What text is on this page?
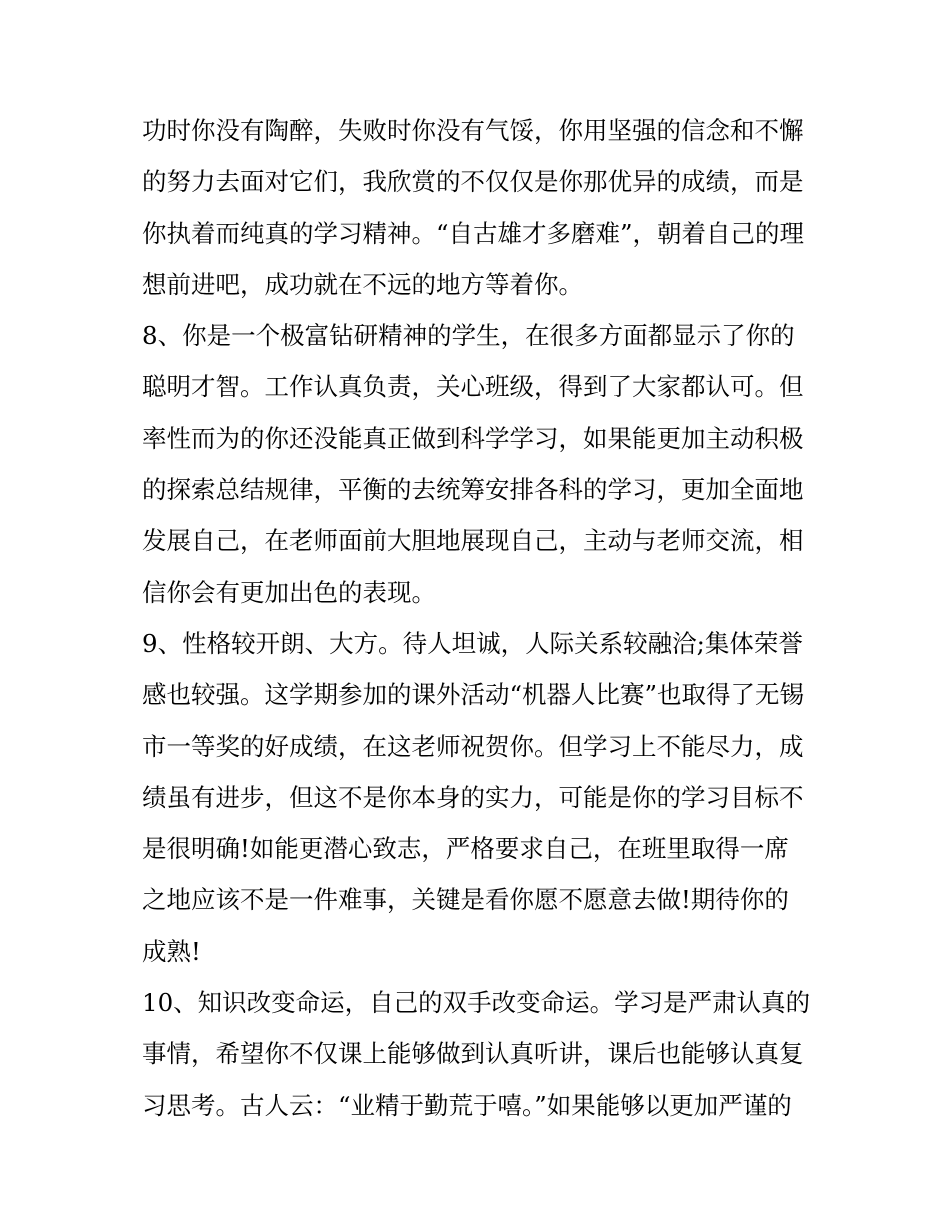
功时你没有陶醉，失败时你没有气馁，你用坚强的信念和不懈
的努力去面对它们，我欣赏的不仅仅是你那优异的成绩，而是
你执着而纯真的学习精神。“自古雄才多磨难”，朝着自己的理
想前进吧，成功就在不远的地方等着你。
8、你是一个极富钻研精神的学生，在很多方面都显示了你的
聪明才智。工作认真负责，关心班级，得到了大家都认可。但
率性而为的你还没能真正做到科学学习，如果能更加主动积极
的探索总结规律，平衡的去统筹安排各科的学习，更加全面地
发展自己，在老师面前大胆地展现自己，主动与老师交流，相
信你会有更加出色的表现。
9、性格较开朗、大方。待人坦诚，人际关系较融洽;集体荣誉
感也较强。这学期参加的课外活动“机器人比赛”也取得了无锡
市一等奖的好成绩，在这老师祝贺你。但学习上不能尽力，成
绩虽有进步，但这不是你本身的实力，可能是你的学习目标不
是很明确!如能更潜心致志，严格要求自己，在班里取得一席
之地应该不是一件难事，关键是看你愿不愿意去做!期待你的
成熟!
10、知识改变命运，自己的双手改变命运。学习是严肃认真的
事情，希望你不仅课上能够做到认真听讲，课后也能够认真复
习思考。古人云：“业精于勤荒于嘻。”如果能够以更加严谨的
